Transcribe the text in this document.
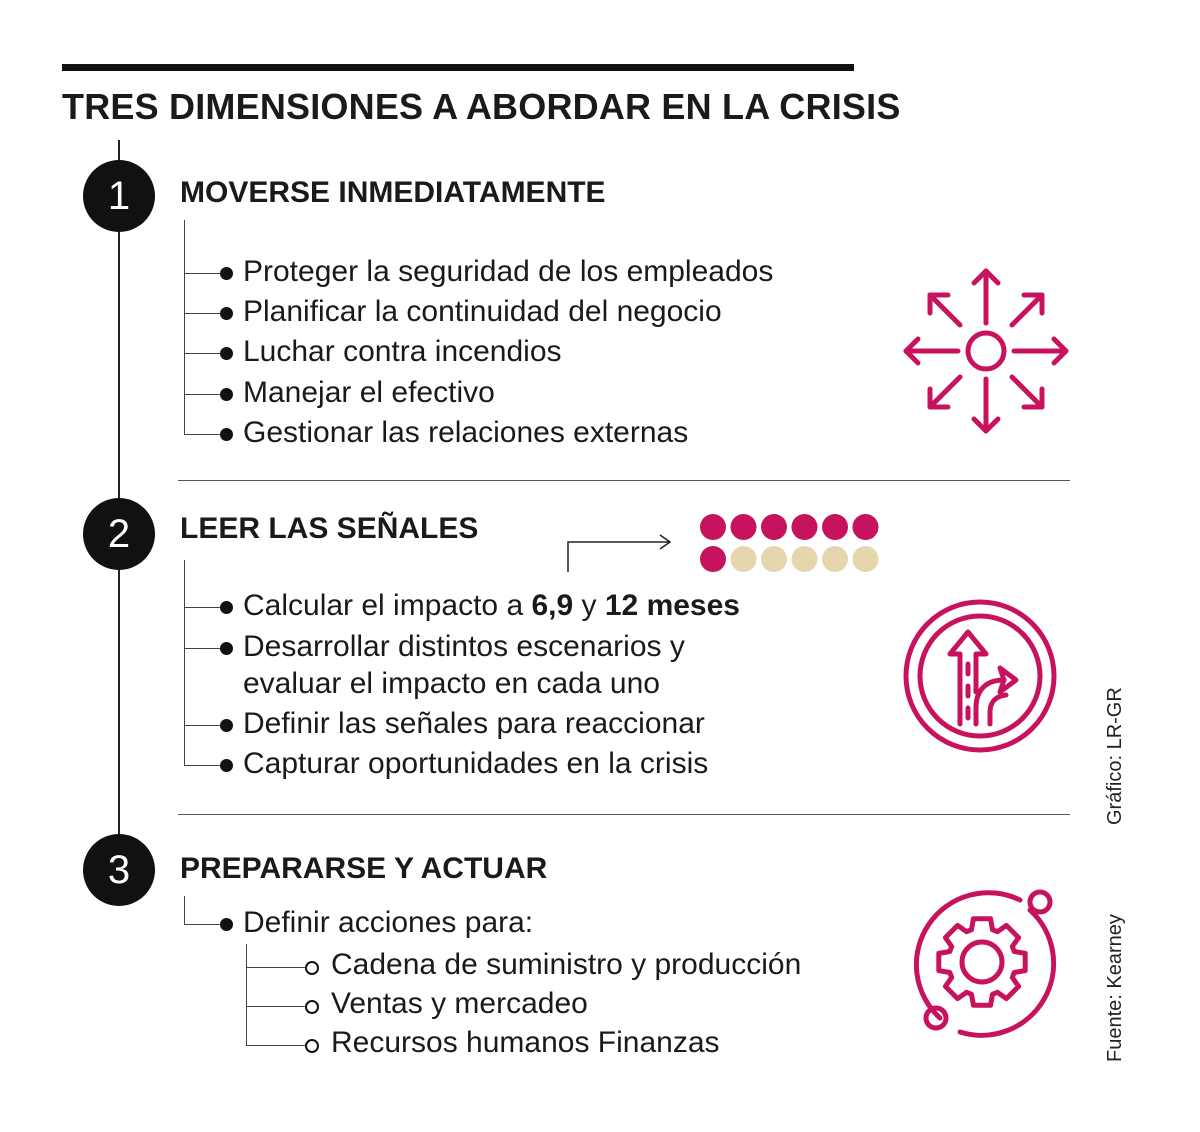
TRES DIMENSIONES A ABORDAR EN LA CRISIS
1	MOVERSE INMEDIATAMENTE
Proteger la seguridad de los empleados
Planificar la continuidad del negocio
Luchar contra incendios
Manejar el efectivo
Gestionar las relaciones externas
2	LEER LAS SEÑALES
Calcular el impacto a 6,9 y 12 meses
Desarrollar distintos escenarios y
evaluar el impacto en cada uno
Definir las señales para reaccionar
Capturar oportunidades en la crisis
3	PREPARARSE Y ACTUAR
Definir acciones para:
Cadena de suministro y producción
Ventas y mercadeo
Recursos humanos Finanzas
Gráfico: LR-GR
Fuente: Kearney
